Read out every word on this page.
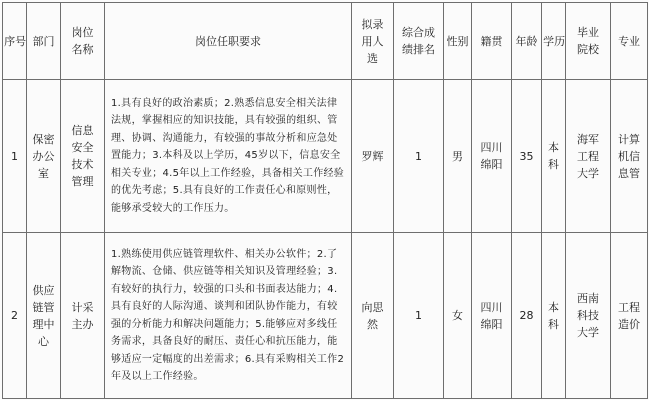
序号	部门	岗位名称	岗位任职要求	拟录用人选	综合成绩排名	性别	籍贯	年龄	学历	毕业院校	专业
1	保密办公室	信息安全技术管理	1.具有良好的政治素质；2.熟悉信息安全相关法律法规，掌握相应的知识技能，具有较强的组织、管理、协调、沟通能力，有较强的事故分析和应急处置能力；3.本科及以上学历，45岁以下，信息安全相关专业；4.5年以上工作经验，具备相关工作经验的优先考虑；5.具有良好的工作责任心和原则性，能够承受较大的工作压力。	罗辉	1	男	四川绵阳	35	本科	海军工程大学	计算机信息管
2	供应链管理中心	计采主办	1.熟练使用供应链管理软件、相关办公软件；2.了解物流、仓储、供应链等相关知识及管理经验；3.有较好的执行力，较强的口头和书面表达能力；4.具有良好的人际沟通、谈判和团队协作能力，有较强的分析能力和解决问题能力；5.能够应对多线任务需求，具备良好的耐压、责任心和抗压能力，能够适应一定幅度的出差需求；6.具有采购相关工作2年及以上工作经验。	向思然	1	女	四川绵阳	28	本科	西南科技大学	工程造价
